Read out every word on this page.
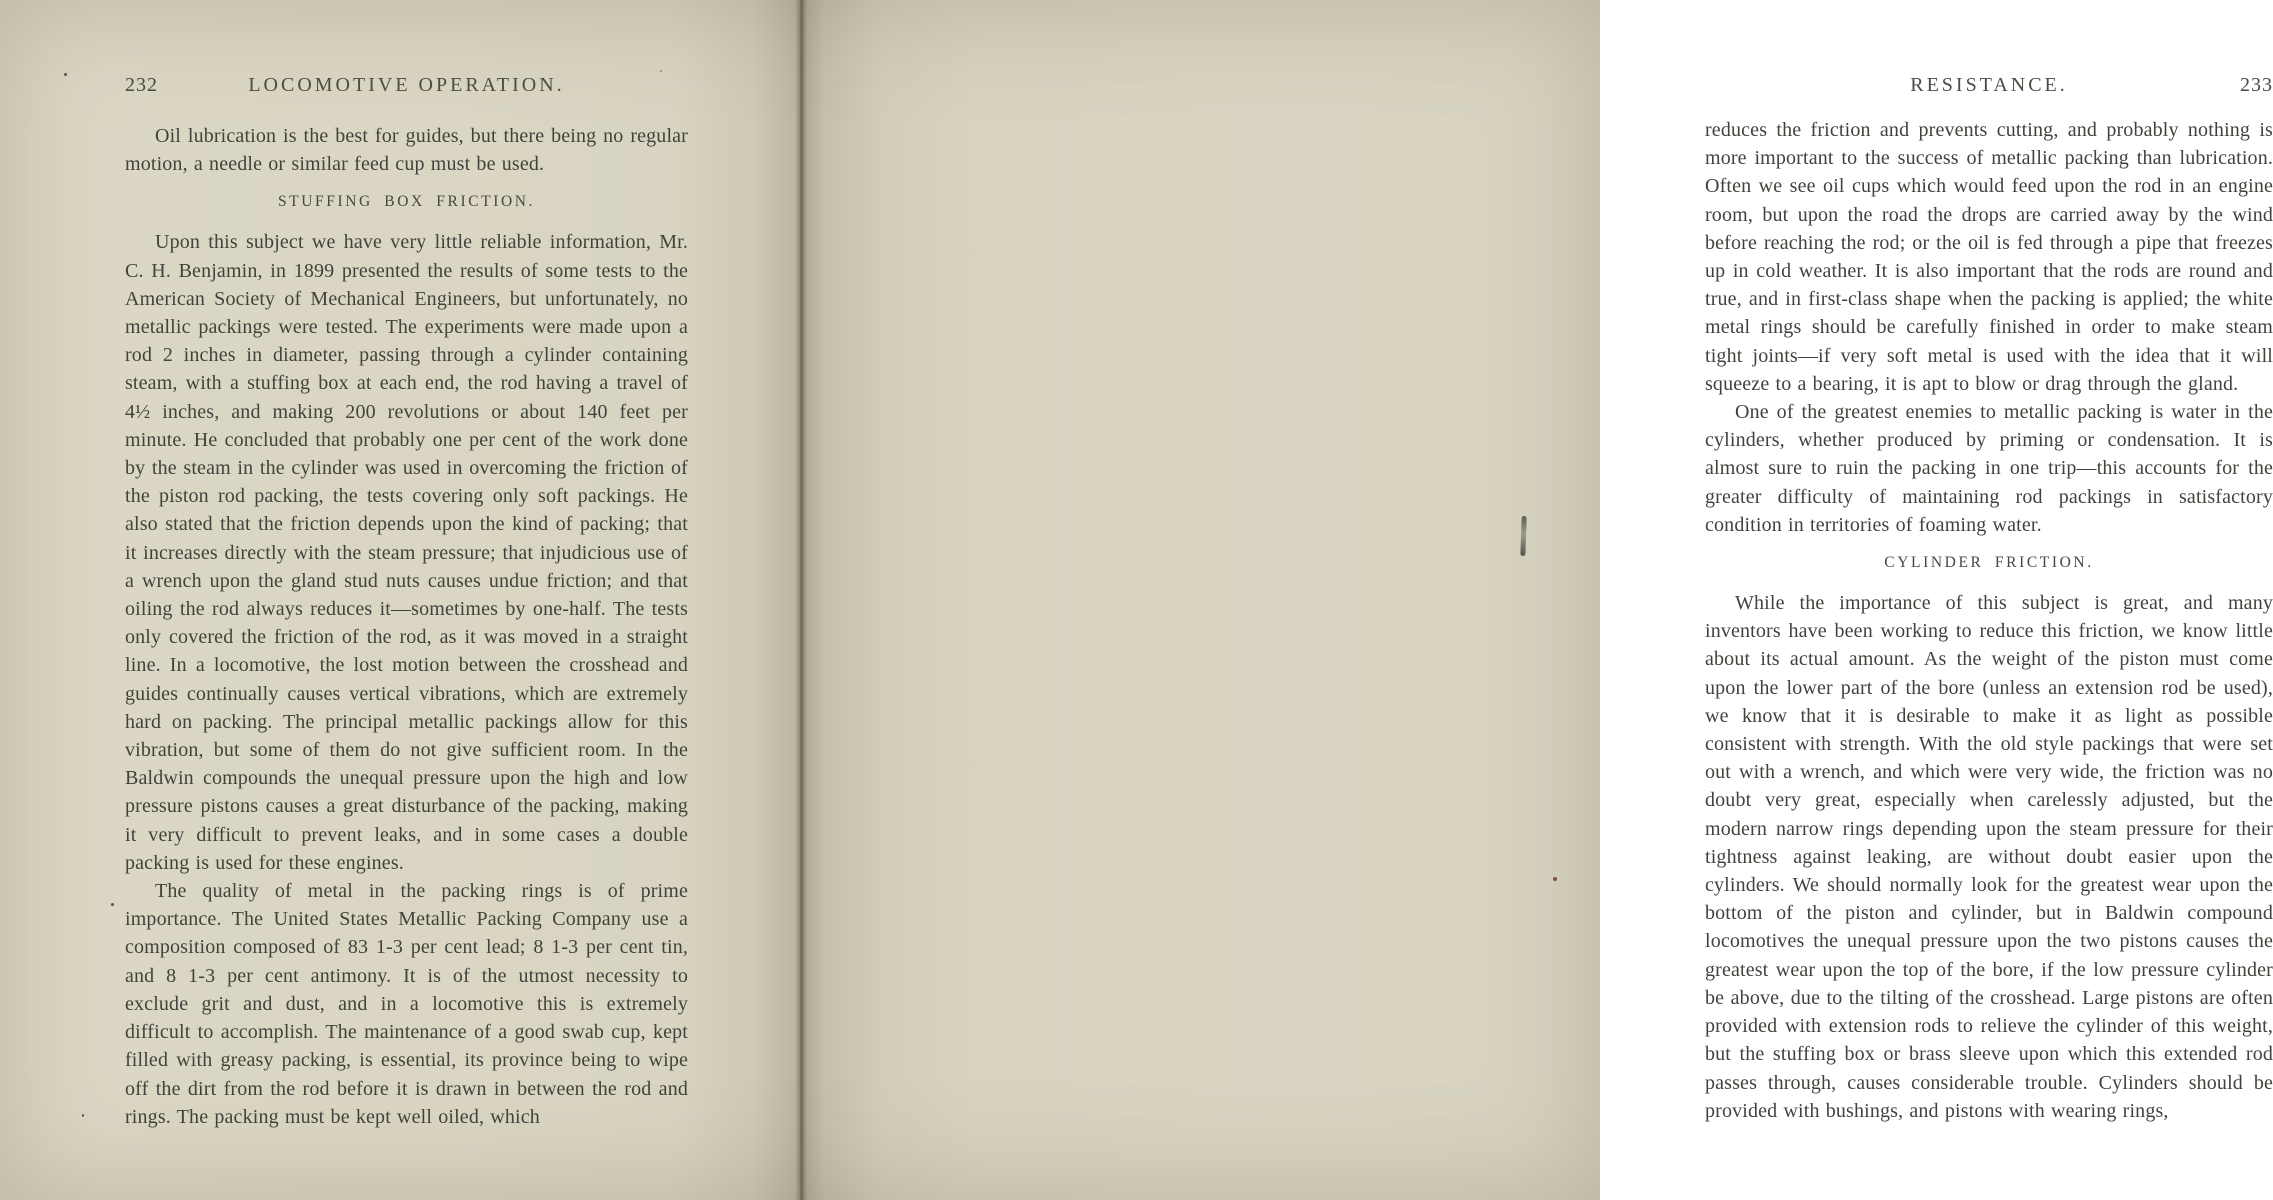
232	LOCOMOTIVE OPERATION.

Oil lubrication is the best for guides, but there being no regular motion, a needle or similar feed cup must be used.

STUFFING BOX FRICTION.

Upon this subject we have very little reliable information, Mr. C. H. Benjamin, in 1899 presented the results of some tests to the American Society of Mechanical Engineers, but unfortunately, no metallic packings were tested. The experiments were made upon a rod 2 inches in diameter, passing through a cylinder containing steam, with a stuffing box at each end, the rod having a travel of 4½ inches, and making 200 revolutions or about 140 feet per minute. He concluded that probably one per cent of the work done by the steam in the cylinder was used in overcoming the friction of the piston rod packing, the tests covering only soft packings. He also stated that the friction depends upon the kind of packing; that it increases directly with the steam pressure; that injudicious use of a wrench upon the gland stud nuts causes undue friction; and that oiling the rod always reduces it—sometimes by one-half. The tests only covered the friction of the rod, as it was moved in a straight line. In a locomotive, the lost motion between the crosshead and guides continually causes vertical vibrations, which are extremely hard on packing. The principal metallic packings allow for this vibration, but some of them do not give sufficient room. In the Baldwin compounds the unequal pressure upon the high and low pressure pistons causes a great disturbance of the packing, making it very difficult to prevent leaks, and in some cases a double packing is used for these engines.

The quality of metal in the packing rings is of prime importance. The United States Metallic Packing Company use a composition composed of 83 1-3 per cent lead; 8 1-3 per cent tin, and 8 1-3 per cent antimony. It is of the utmost necessity to exclude grit and dust, and in a locomotive this is extremely difficult to accomplish. The maintenance of a good swab cup, kept filled with greasy packing, is essential, its province being to wipe off the dirt from the rod before it is drawn in between the rod and rings. The packing must be kept well oiled, which

RESISTANCE.	233

reduces the friction and prevents cutting, and probably nothing is more important to the success of metallic packing than lubrication. Often we see oil cups which would feed upon the rod in an engine room, but upon the road the drops are carried away by the wind before reaching the rod; or the oil is fed through a pipe that freezes up in cold weather. It is also important that the rods are round and true, and in first-class shape when the packing is applied; the white metal rings should be carefully finished in order to make steam tight joints—if very soft metal is used with the idea that it will squeeze to a bearing, it is apt to blow or drag through the gland.

One of the greatest enemies to metallic packing is water in the cylinders, whether produced by priming or condensation. It is almost sure to ruin the packing in one trip—this accounts for the greater difficulty of maintaining rod packings in satisfactory condition in territories of foaming water.

CYLINDER FRICTION.

While the importance of this subject is great, and many inventors have been working to reduce this friction, we know little about its actual amount. As the weight of the piston must come upon the lower part of the bore (unless an extension rod be used), we know that it is desirable to make it as light as possible consistent with strength. With the old style packings that were set out with a wrench, and which were very wide, the friction was no doubt very great, especially when carelessly adjusted, but the modern narrow rings depending upon the steam pressure for their tightness against leaking, are without doubt easier upon the cylinders. We should normally look for the greatest wear upon the bottom of the piston and cylinder, but in Baldwin compound locomotives the unequal pressure upon the two pistons causes the greatest wear upon the top of the bore, if the low pressure cylinder be above, due to the tilting of the crosshead. Large pistons are often provided with extension rods to relieve the cylinder of this weight, but the stuffing box or brass sleeve upon which this extended rod passes through, causes considerable trouble. Cylinders should be provided with bushings, and pistons with wearing rings,
